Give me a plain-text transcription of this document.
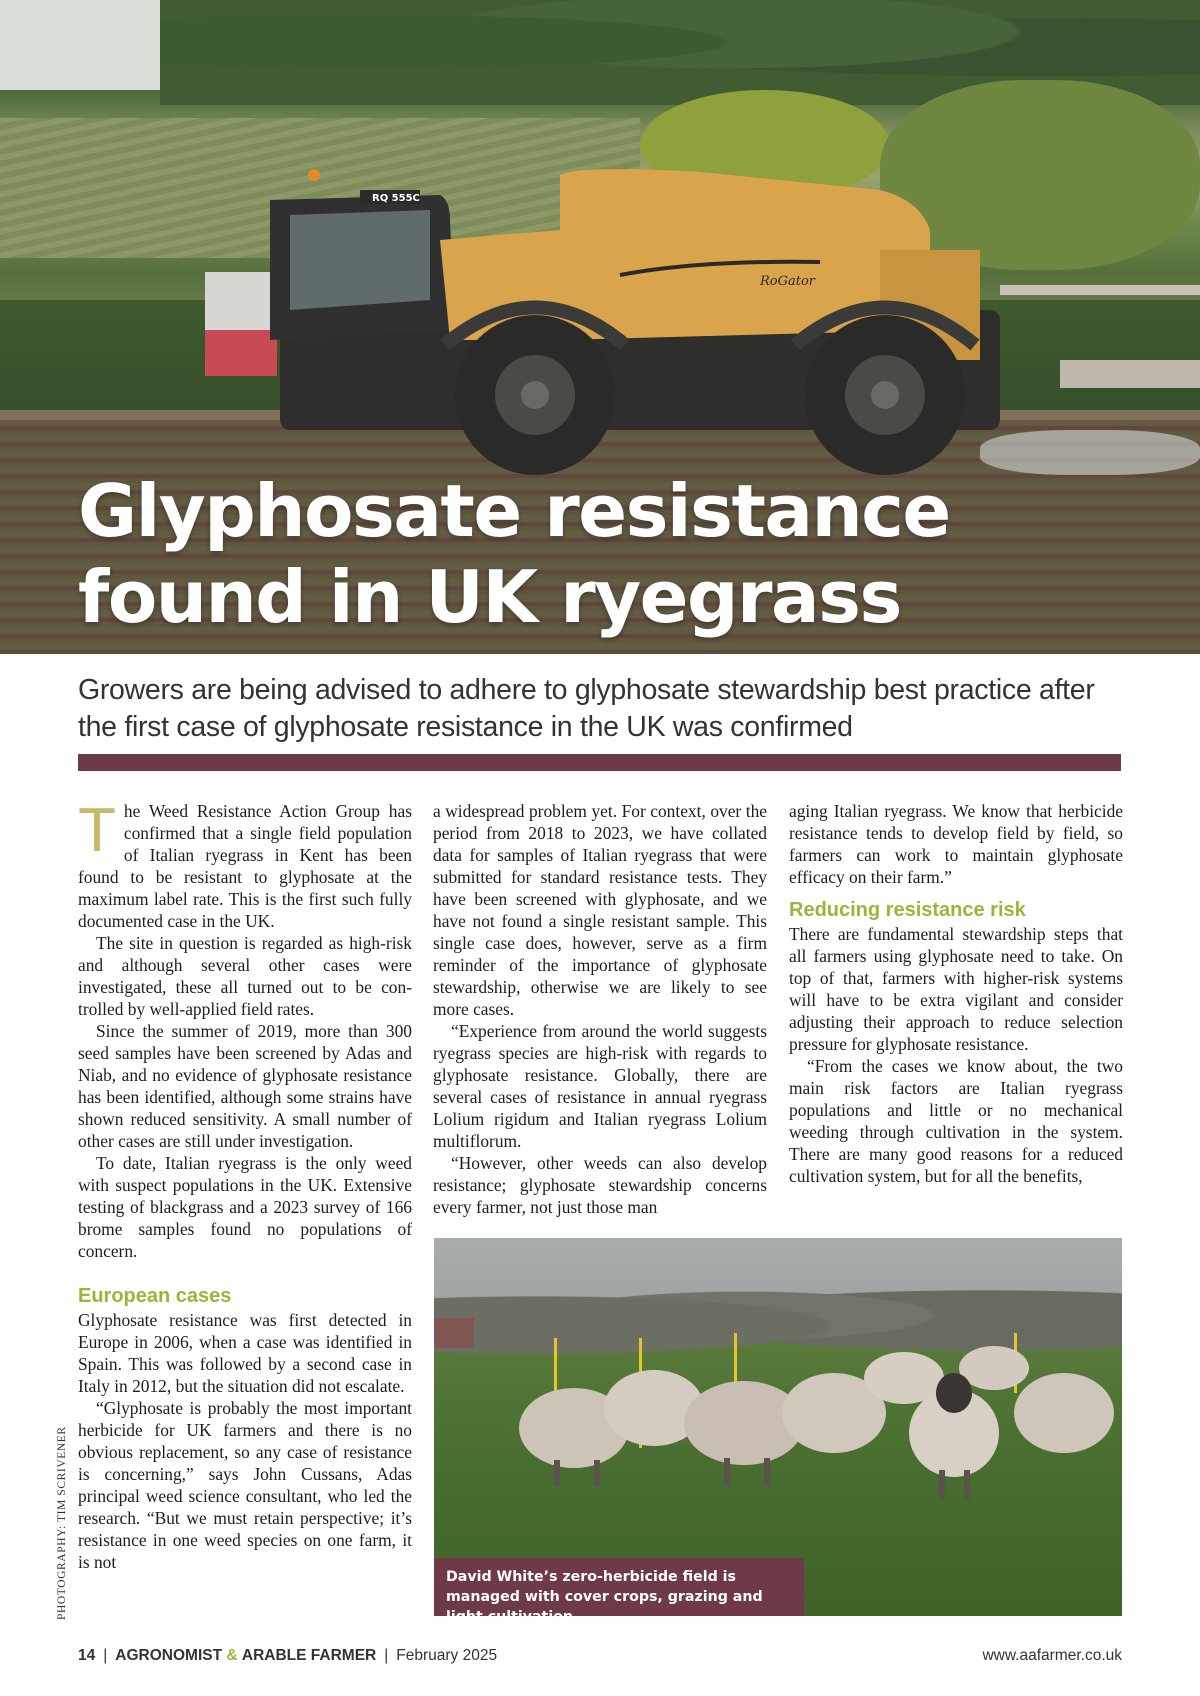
RQ 555C
RoGator
Glyphosate resistance
found in UK ryegrass
Growers are being advised to adhere to glyphosate stewardship best practice after the first case of glyphosate resistance in the UK was confirmed

The Weed Resistance Action Group has confirmed that a single field population of Italian ryegrass in Kent has been found to be resistant to glyphosate at the maximum label rate. This is the first such fully documented case in the UK.

The site in question is regarded as high-risk and although several other cases were investigated, these all turned out to be controlled by well-applied field rates.

Since the summer of 2019, more than 300 seed samples have been screened by Adas and Niab, and no evidence of glyphosate resistance has been identified, although some strains have shown reduced sensitivity. A small number of other cases are still under investigation.

To date, Italian ryegrass is the only weed with suspect populations in the UK. Extensive testing of blackgrass and a 2023 survey of 166 brome samples found no populations of concern.

European cases

Glyphosate resistance was first detected in Europe in 2006, when a case was identified in Spain. This was followed by a second case in Italy in 2012, but the situation did not escalate.

“Glyphosate is probably the most important herbicide for UK farmers and there is no obvious replacement, so any case of resistance is concerning,” says John Cussans, Adas principal weed science consultant, who led the research. “But we must retain perspective; it’s resistance in one weed species on one farm, it is not

a widespread problem yet. For context, over the period from 2018 to 2023, we have collated data for samples of Italian ryegrass that were submitted for standard resistance tests. They have been screened with glyphosate, and we have not found a single resistant sample. This single case does, however, serve as a firm reminder of the importance of glyphosate stewardship, otherwise we are likely to see more cases.

“Experience from around the world suggests ryegrass species are high-risk with regards to glyphosate resistance. Globally, there are several cases of resistance in annual ryegrass Lolium rigidum and Italian ryegrass Lolium multiflorum.

“However, other weeds can also develop resistance; glyphosate stewardship concerns every farmer, not just those man

aging Italian ryegrass. We know that herbicide resistance tends to develop field by field, so farmers can work to maintain glyphosate efficacy on their farm.”

Reducing resistance risk

There are fundamental stewardship steps that all farmers using glyphosate need to take. On top of that, farmers with higher-risk systems will have to be extra vigilant and consider adjusting their approach to reduce selection pressure for glyphosate resistance.

“From the cases we know about, the two main risk factors are Italian ryegrass populations and little or no mechanical weeding through cultivation in the system. There are many good reasons for a reduced cultivation system, but for all the benefits,

David White’s zero-herbicide field is managed with cover crops, grazing and light cultivation
PHOTOGRAPHY: TIM SCRIVENER
14 | AGRONOMIST & ARABLE FARMER | February 2025	www.aafarmer.co.uk
